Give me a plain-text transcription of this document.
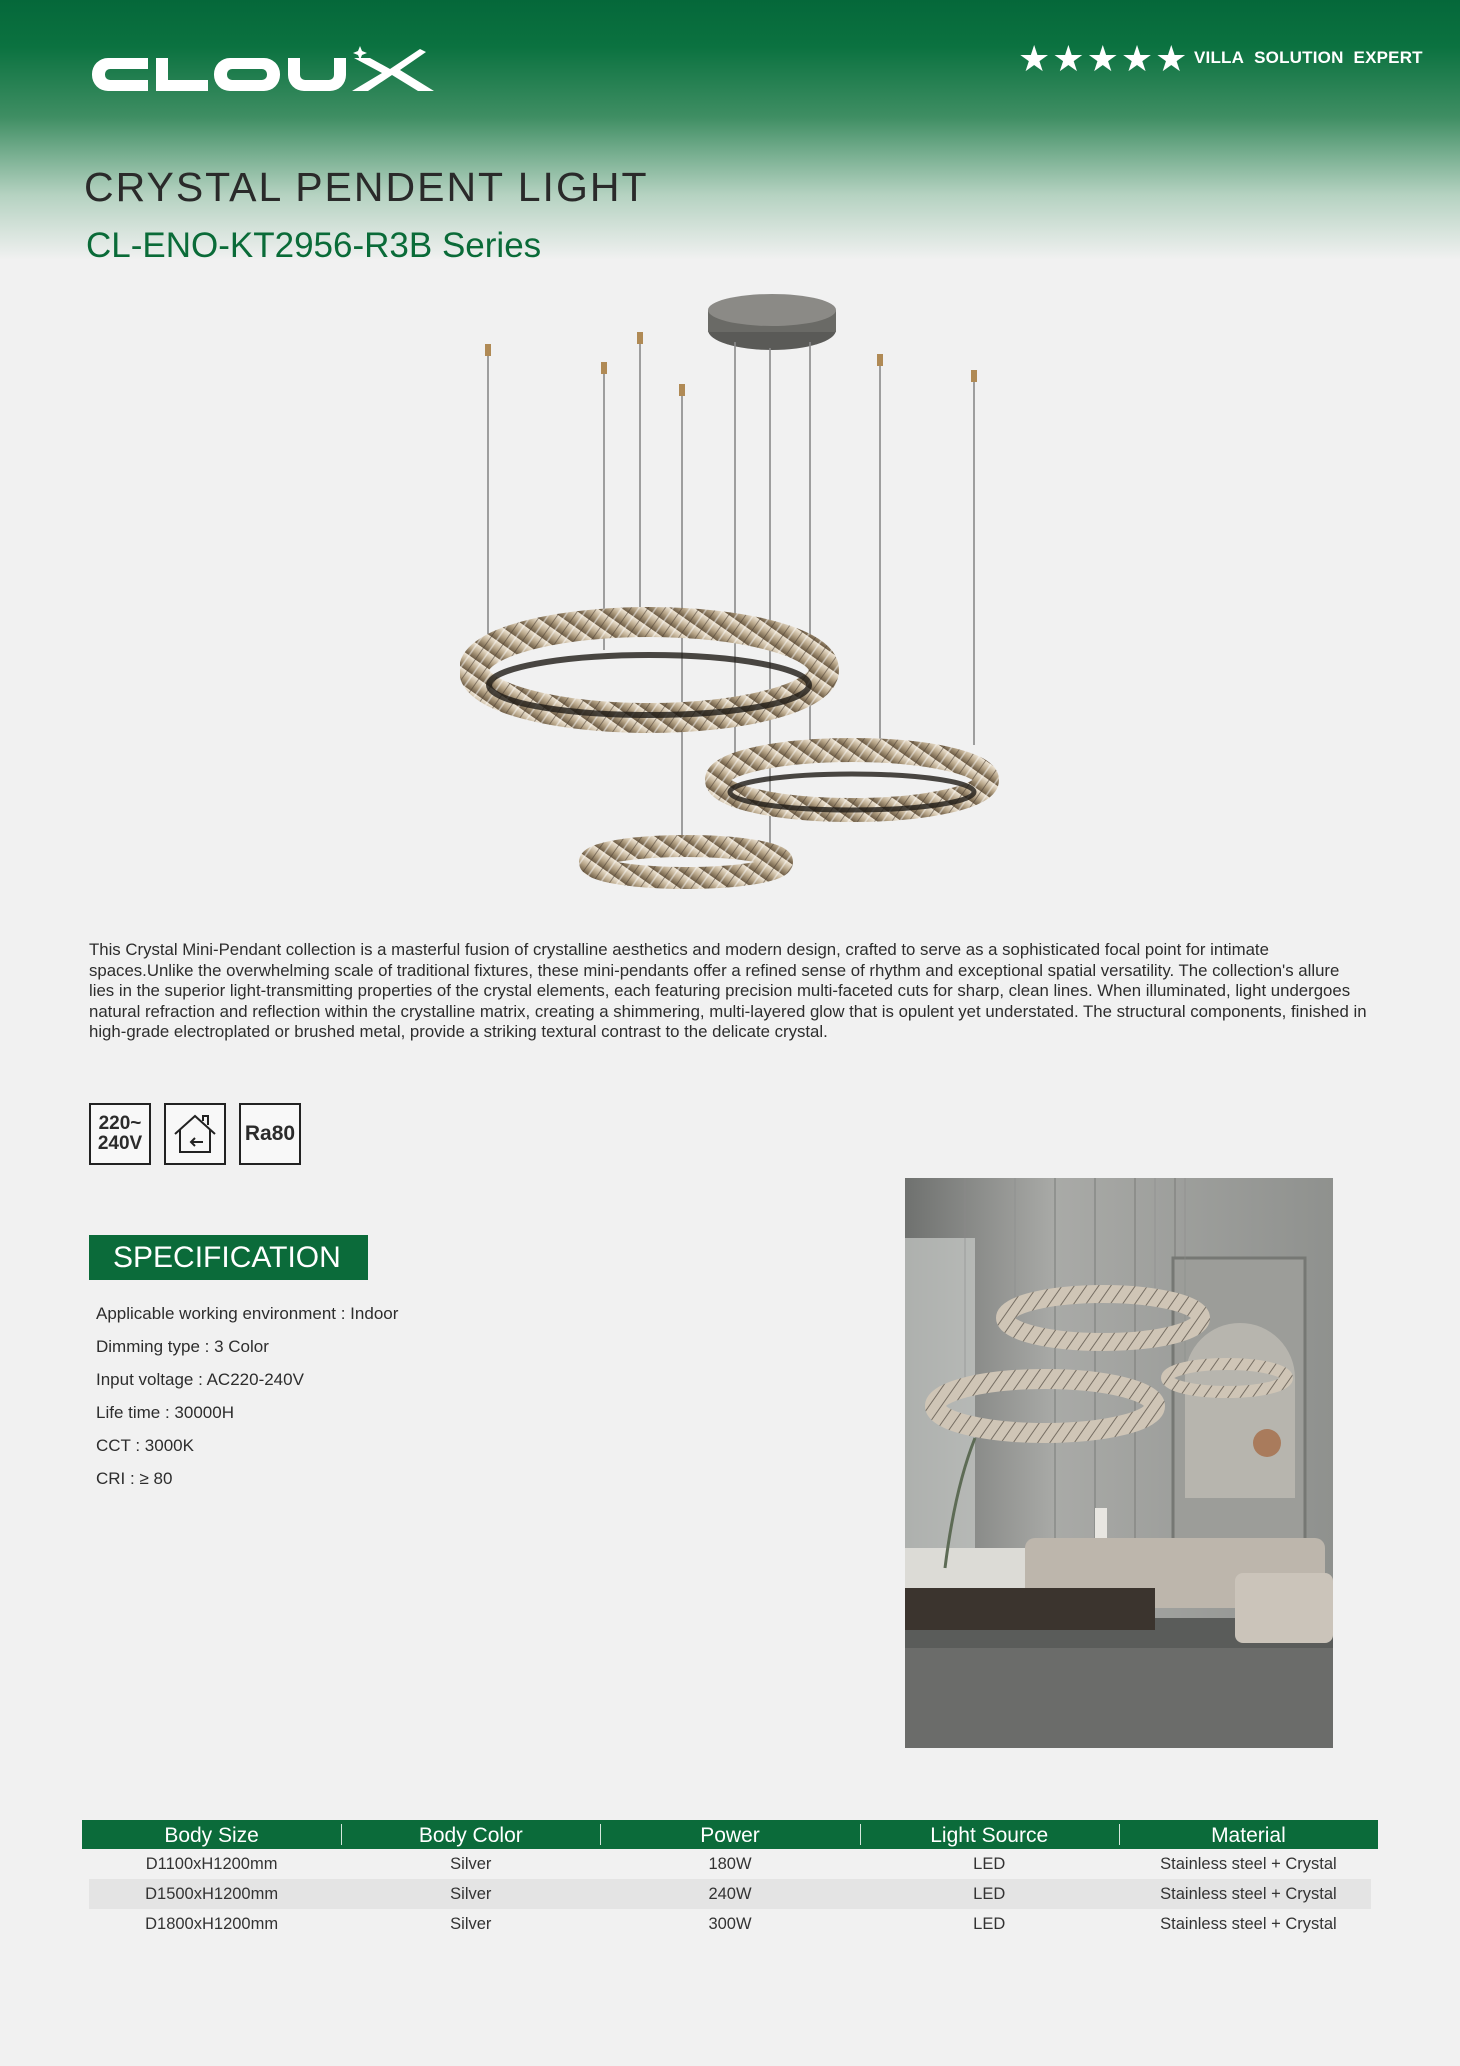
★ ★ ★ ★ ★ VILLA SOLUTION EXPERT
CRYSTAL PENDENT LIGHT
CL-ENO-KT2956-R3B Series

This Crystal Mini-Pendant collection is a masterful fusion of crystalline aesthetics and modern design, crafted to serve as a sophisticated focal point for intimate spaces.Unlike the overwhelming scale of traditional fixtures, these mini-pendants offer a refined sense of rhythm and exceptional spatial versatility. The collection's allure lies in the superior light-transmitting properties of the crystal elements, each featuring precision multi-faceted cuts for sharp, clean lines. When illuminated, light undergoes natural refraction and reflection within the crystalline matrix, creating a shimmering, multi-layered glow that is opulent yet understated. The structural components, finished in high-grade electroplated or brushed metal, provide a striking textural contrast to the delicate crystal.

220~
240V	Ra80
SPECIFICATION
Applicable working environment : Indoor
Dimming type : 3 Color
Input voltage : AC220-240V
Life time : 30000H
CCT : 3000K
CRI : ≥ 80
Body Size	Body Color	Power	Light Source	Material
D1100xH1200mm	Silver	180W	LED	Stainless steel + Crystal
D1500xH1200mm	Silver	240W	LED	Stainless steel + Crystal
D1800xH1200mm	Silver	300W	LED	Stainless steel + Crystal
